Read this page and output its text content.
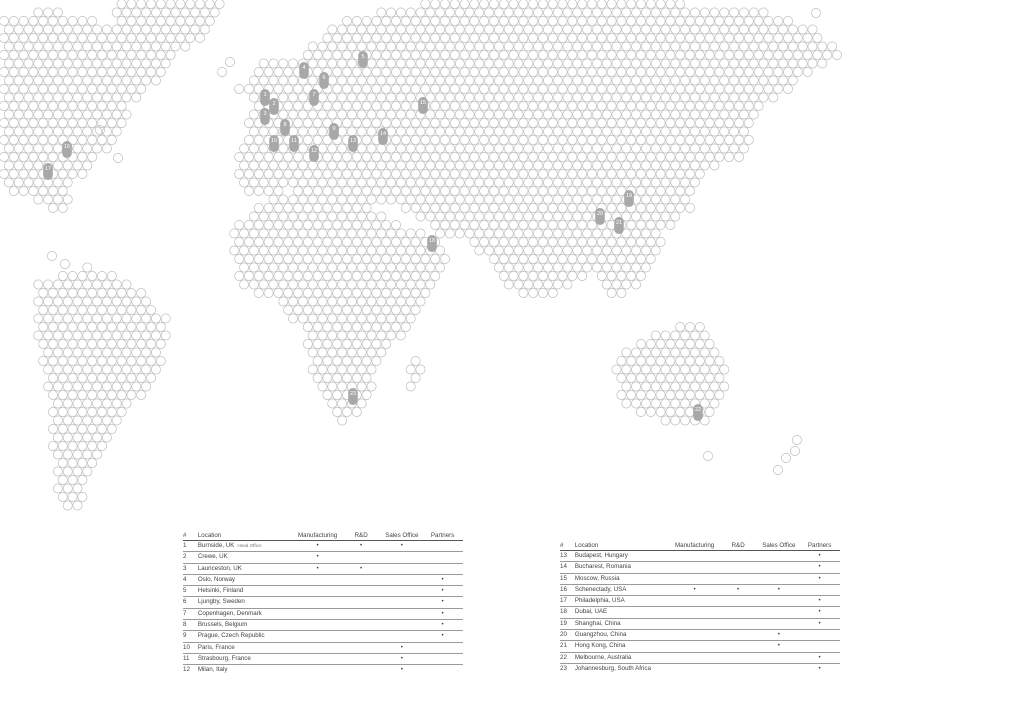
1
2
3
4
5
6
7
8
9
10	11
12
13
14
15
16
17
18
19
20
21
22
23
#	Location	Manufacturing	R&D	Sales Office	Partners
1	Burnside, UK Head Office	•	•	•	
2	Crewe, UK	•			
3	Launceston, UK	•	•		
4	Oslo, Norway				•
5	Helsinki, Finland				•
6	Ljungby, Sweden				•
7	Copenhagen, Denmark				•
8	Brussels, Belgium				•
9	Prague, Czech Republic				•
10	Paris, France			•	
11	Strasbourg, France			•	
12	Milan, Italy			•	
#	Location	Manufacturing	R&D	Sales Office	Partners
13	Budapest, Hungary				•
14	Bucharest, Romania				•
15	Moscow, Russia				•
16	Schenectady, USA	•	•	•	
17	Philadelphia, USA				•
18	Dubai, UAE				•
19	Shanghai, China				•
20	Guangzhou, China			•	
21	Hong Kong, China			•	
22	Melbourne, Australia				•
23	Johannesburg, South Africa				•
